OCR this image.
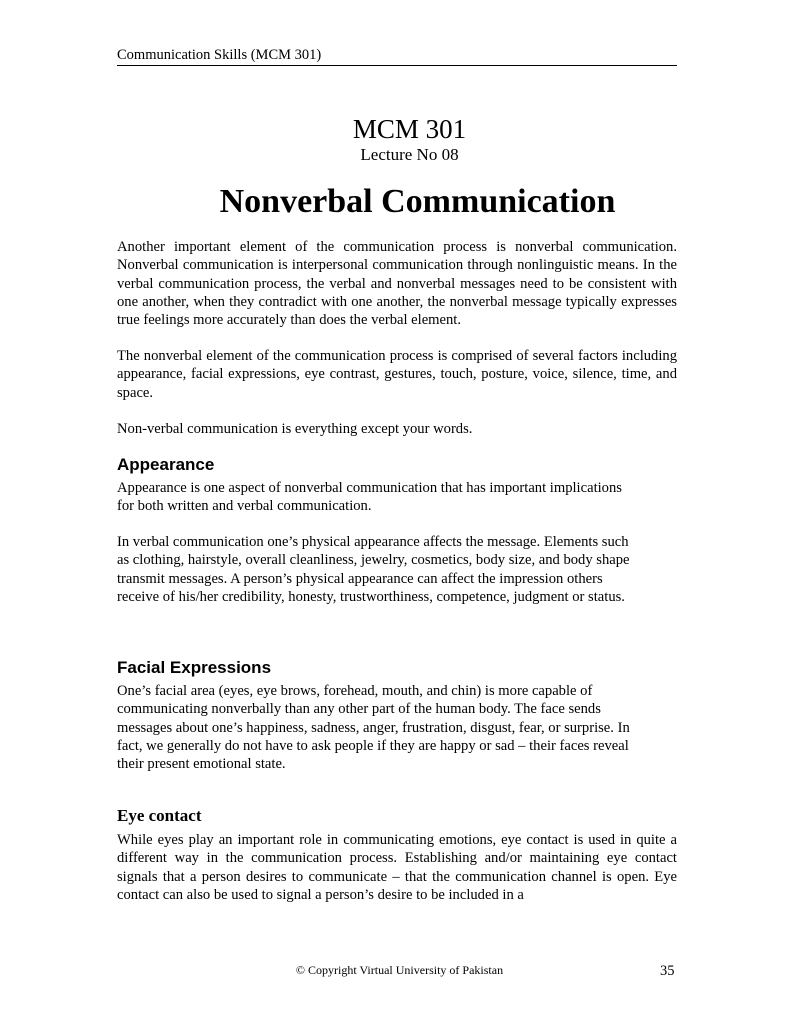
Communication Skills (MCM 301)
MCM 301
Lecture No 08
Nonverbal Communication

Another important element of the communication process is nonverbal communication. Nonverbal communication is interpersonal communication through nonlinguistic means. In the verbal communication process, the verbal and nonverbal messages need to be consistent with one another, when they contradict with one another, the nonverbal message typically expresses true feelings more accurately than does the verbal element.

The nonverbal element of the communication process is comprised of several factors including appearance, facial expressions, eye contrast, gestures, touch, posture, voice, silence, time, and space.

Non-verbal communication is everything except your words.

Appearance
Appearance is one aspect of nonverbal communication that has important implications
for both written and verbal communication.
In verbal communication one’s physical appearance affects the message. Elements such
as clothing, hairstyle, overall cleanliness, jewelry, cosmetics, body size, and body shape
transmit messages. A person’s physical appearance can affect the impression others
receive of his/her credibility, honesty, trustworthiness, competence, judgment or status.
Facial Expressions
One’s facial area (eyes, eye brows, forehead, mouth, and chin) is more capable of
communicating nonverbally than any other part of the human body. The face sends
messages about one’s happiness, sadness, anger, frustration, disgust, fear, or surprise. In
fact, we generally do not have to ask people if they are happy or sad – their faces reveal
their present emotional state.
Eye contact

While eyes play an important role in communicating emotions, eye contact is used in quite a different way in the communication process. Establishing and/or maintaining eye contact signals that a person desires to communicate – that the communication channel is open. Eye contact can also be used to signal a person’s desire to be included in a

© Copyright Virtual University of Pakistan	35
